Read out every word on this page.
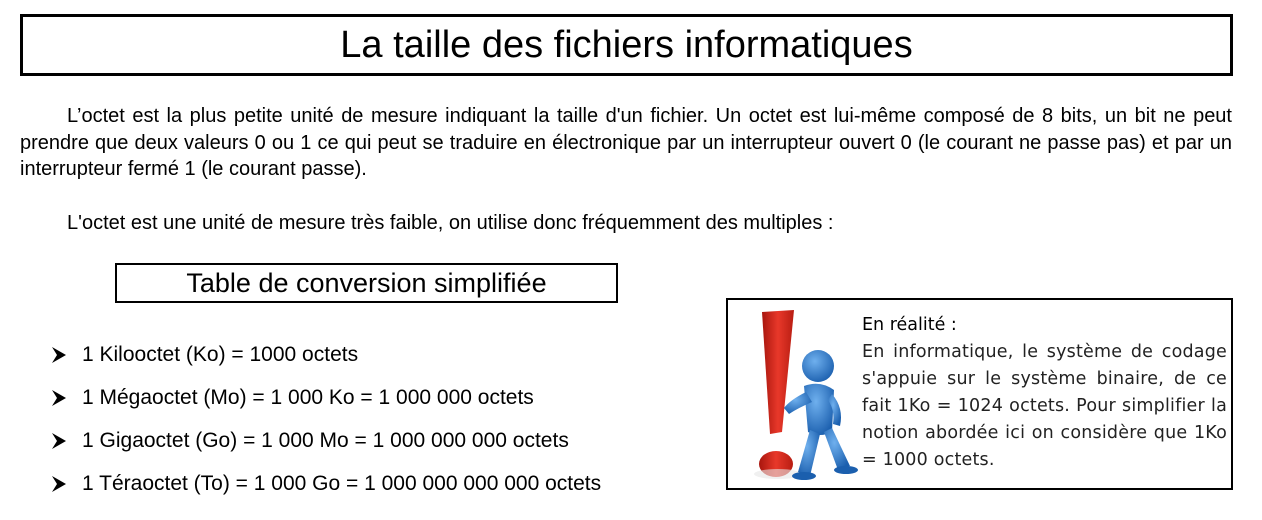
La taille des fichiers informatiques

L’octet est la plus petite unité de mesure indiquant la taille d'un fichier. Un octet est lui-même composé de 8 bits, un bit ne peut prendre que deux valeurs 0 ou 1 ce qui peut se traduire en électronique par un interrupteur ouvert 0 (le courant ne passe pas) et par un interrupteur fermé 1 (le courant passe).

L'octet est une unité de mesure très faible, on utilise donc fréquemment des multiples :

Table de conversion simplifiée
1 Kilooctet (Ko) = 1000 octets
1 Mégaoctet (Mo) = 1 000 Ko = 1 000 000 octets
1 Gigaoctet (Go) = 1 000 Mo = 1 000 000 000 octets
1 Téraoctet (To) = 1 000 Go = 1 000 000 000 000 octets
En réalité :
En informatique, le système de codage s'appuie sur le système binaire, de ce fait 1Ko = 1024 octets. Pour simplifier la notion abordée ici on considère que 1Ko = 1000 octets.
